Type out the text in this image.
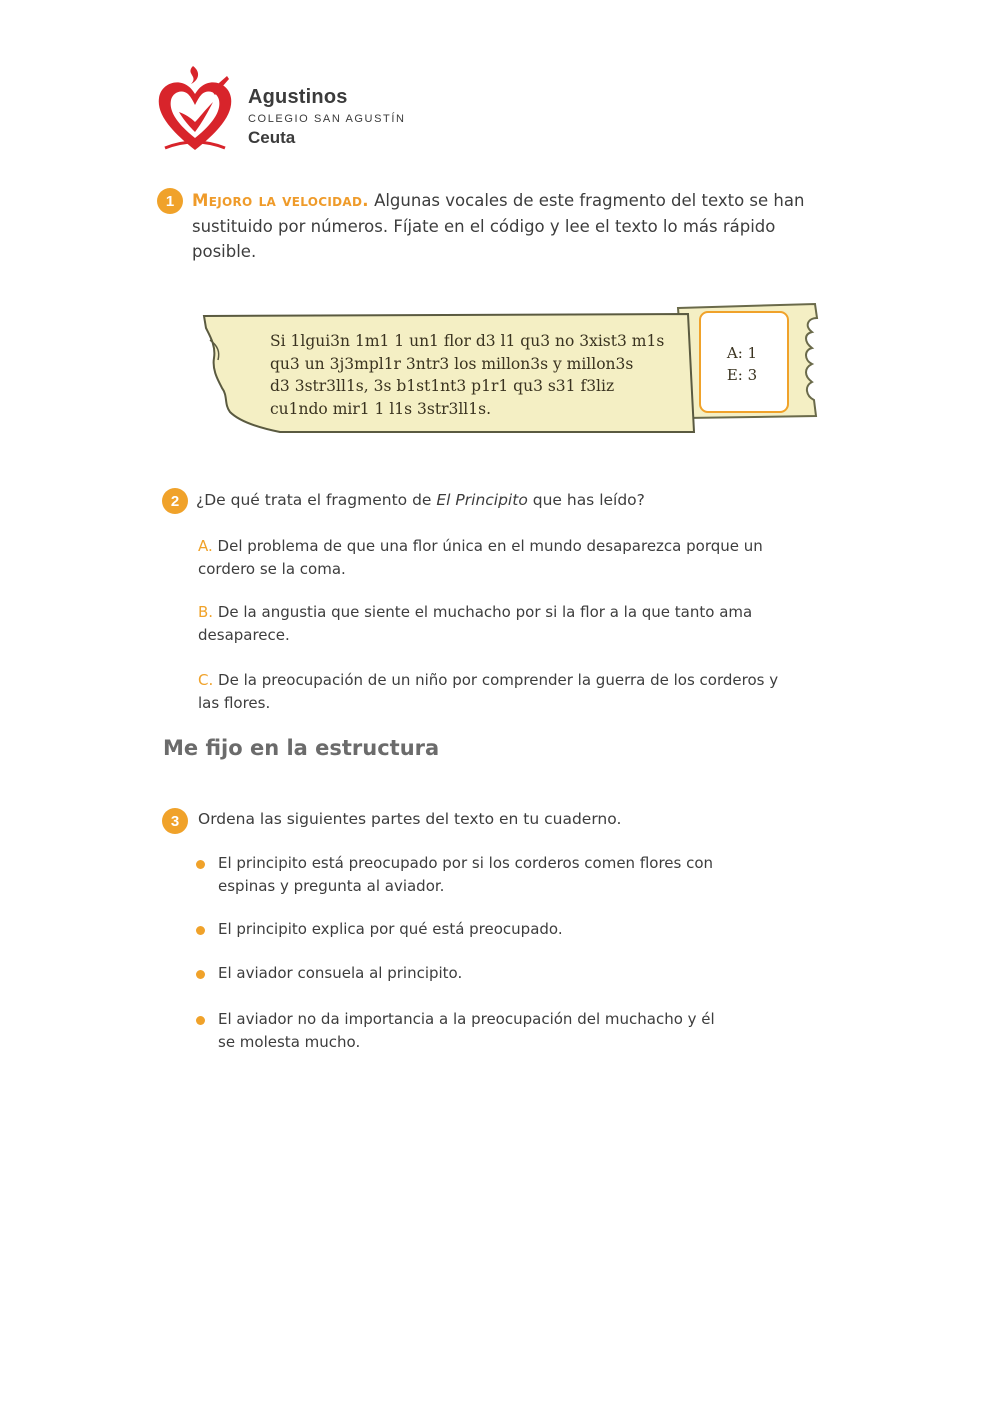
Agustinos
COLEGIO SAN AGUSTÍN
Ceuta
1	Mejoro la velocidad. Algunas vocales de este fragmento del texto se han sustituido por números. Fíjate en el código y lee el texto lo más rápido posible.
Si 1lgui3n 1m1 1 un1 flor d3 l1 qu3 no 3xist3 m1s
qu3 un 3j3mpl1r 3ntr3 los millon3s y millon3s
d3 3str3ll1s, 3s b1st1nt3 p1r1 qu3 s31 f3liz
cu1ndo mir1 1 l1s 3str3ll1s.
A: 1
E: 3
2	¿De qué trata el fragmento de El Principito que has leído?
A. Del problema de que una flor única en el mundo desaparezca porque un cordero se la coma.
B. De la angustia que siente el muchacho por si la flor a la que tanto ama desaparece.
C. De la preocupación de un niño por comprender la guerra de los corderos y las flores.
Me fijo en la estructura
3	Ordena las siguientes partes del texto en tu cuaderno.
El principito está preocupado por si los corderos comen flores con espinas y pregunta al aviador.
El principito explica por qué está preocupado.
El aviador consuela al principito.
El aviador no da importancia a la preocupación del muchacho y él se molesta mucho.
